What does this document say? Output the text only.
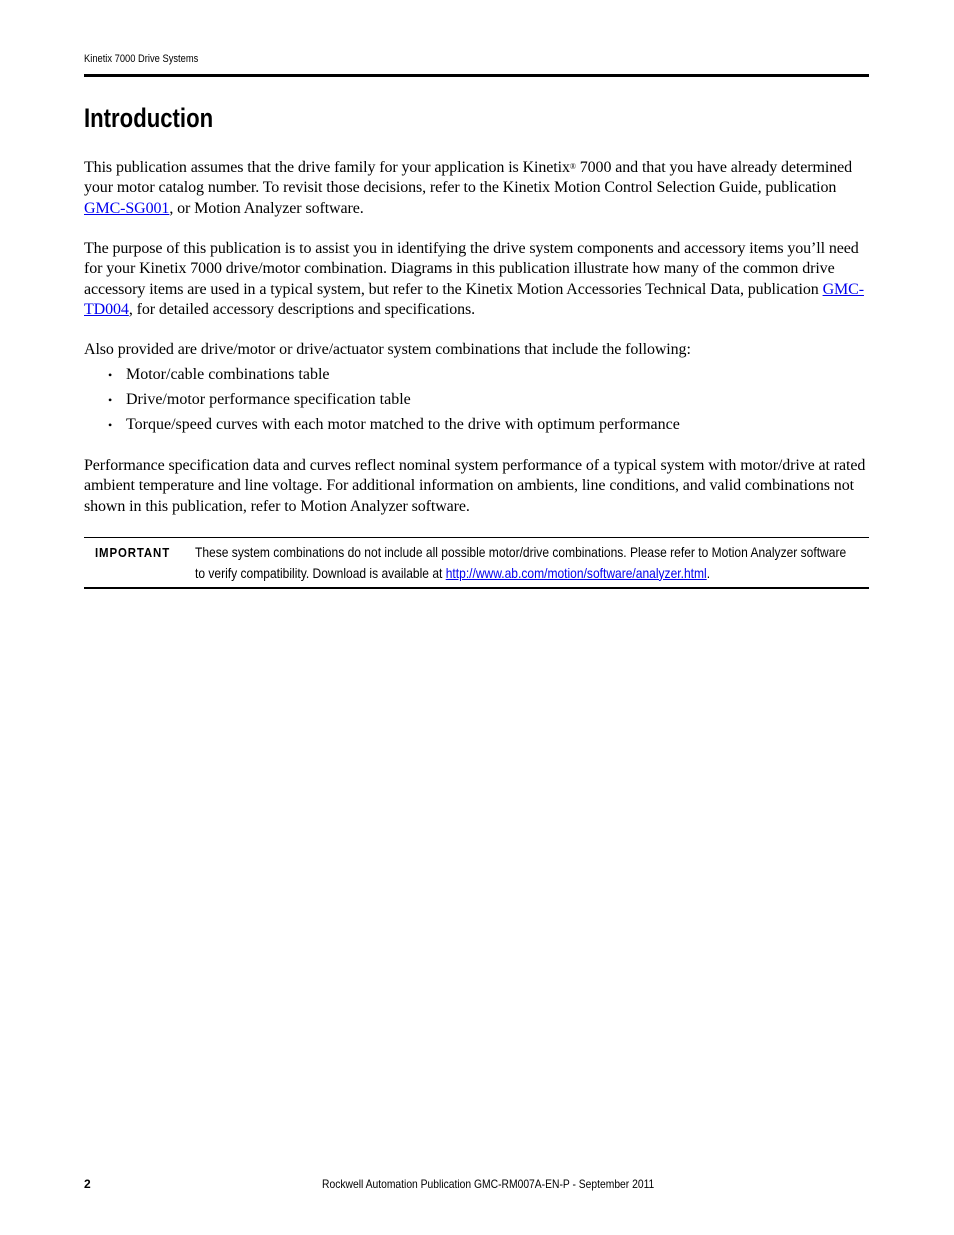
Kinetix 7000 Drive Systems
Introduction

This publication assumes that the drive family for your application is Kinetix® 7000 and that you have already determined your motor catalog number. To revisit those decisions, refer to the Kinetix Motion Control Selection Guide, publication GMC-SG001, or Motion Analyzer software.

The purpose of this publication is to assist you in identifying the drive system components and accessory items you’ll need for your Kinetix 7000 drive/motor combination. Diagrams in this publication illustrate how many of the common drive accessory items are used in a typical system, but refer to the Kinetix Motion Accessories Technical Data, publication GMC-TD004, for detailed accessory descriptions and specifications.

Also provided are drive/motor or drive/actuator system combinations that include the following:

• Motor/cable combinations table
• Drive/motor performance specification table
• Torque/speed curves with each motor matched to the drive with optimum performance

Performance specification data and curves reflect nominal system performance of a typical system with motor/drive at rated ambient temperature and line voltage. For additional information on ambients, line conditions, and valid combinations not shown in this publication, refer to Motion Analyzer software.

IMPORTANT These system combinations do not include all possible motor/drive combinations. Please refer to Motion Analyzer software to verify compatibility. Download is available at http://www.ab.com/motion/software/analyzer.html.

2	Rockwell Automation Publication GMC-RM007A-EN-P - September 2011
